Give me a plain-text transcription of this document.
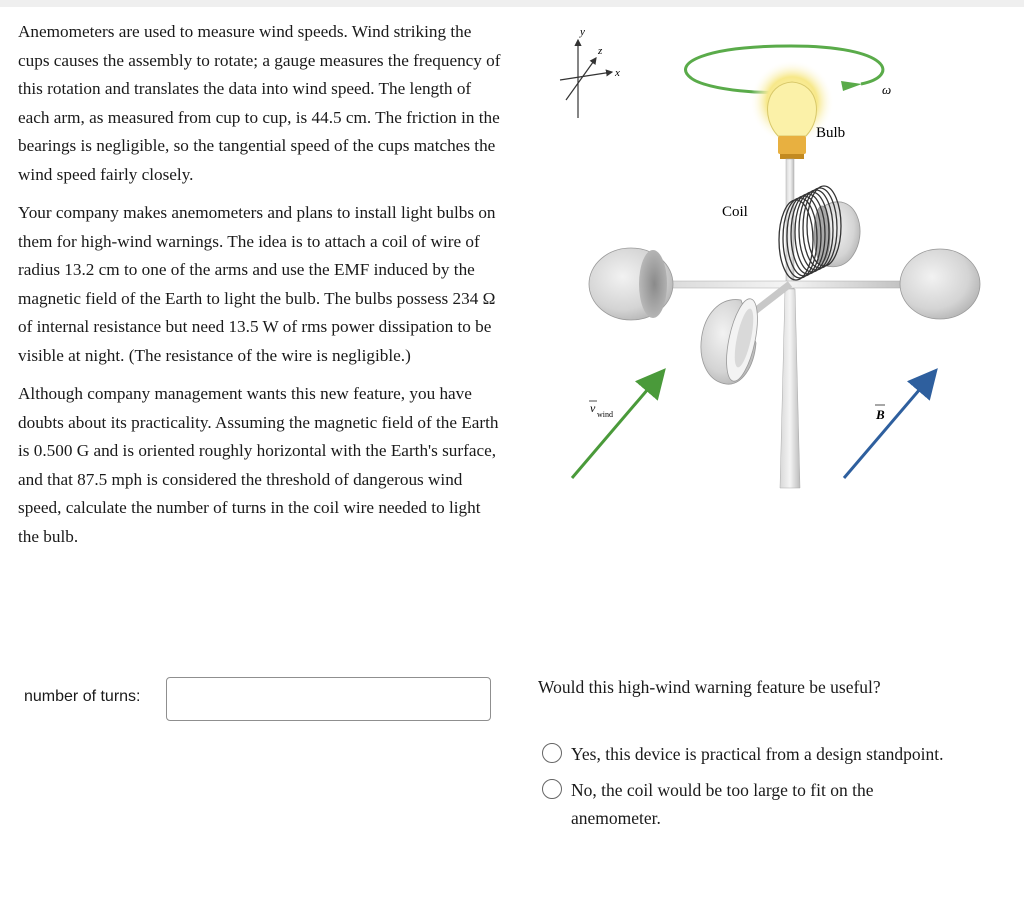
Anemometers are used to measure wind speeds. Wind striking the cups causes the assembly to rotate; a gauge measures the frequency of this rotation and translates the data into wind speed. The length of each arm, as measured from cup to cup, is 44.5 cm. The friction in the bearings is negligible, so the tangential speed of the cups matches the wind speed fairly closely.

Your company makes anemometers and plans to install light bulbs on them for high-wind warnings. The idea is to attach a coil of wire of radius 13.2 cm to one of the arms and use the EMF induced by the magnetic field of the Earth to light the bulb. The bulbs possess 234 Ω of internal resistance but need 13.5 W of rms power dissipation to be visible at night. (The resistance of the wire is negligible.)

Although company management wants this new feature, you have doubts about its practicality. Assuming the magnetic field of the Earth is 0.500 G and is oriented roughly horizontal with the Earth's surface, and that 87.5 mph is considered the threshold of dangerous wind speed, calculate the number of turns in the coil wire needed to light the bulb.

y
z
x
ω
Bulb
Coil
v wind	B
number of turns:	Would this high-wind warning feature be useful?
Yes, this device is practical from a design standpoint.
No, the coil would be too large to fit on the anemometer.
